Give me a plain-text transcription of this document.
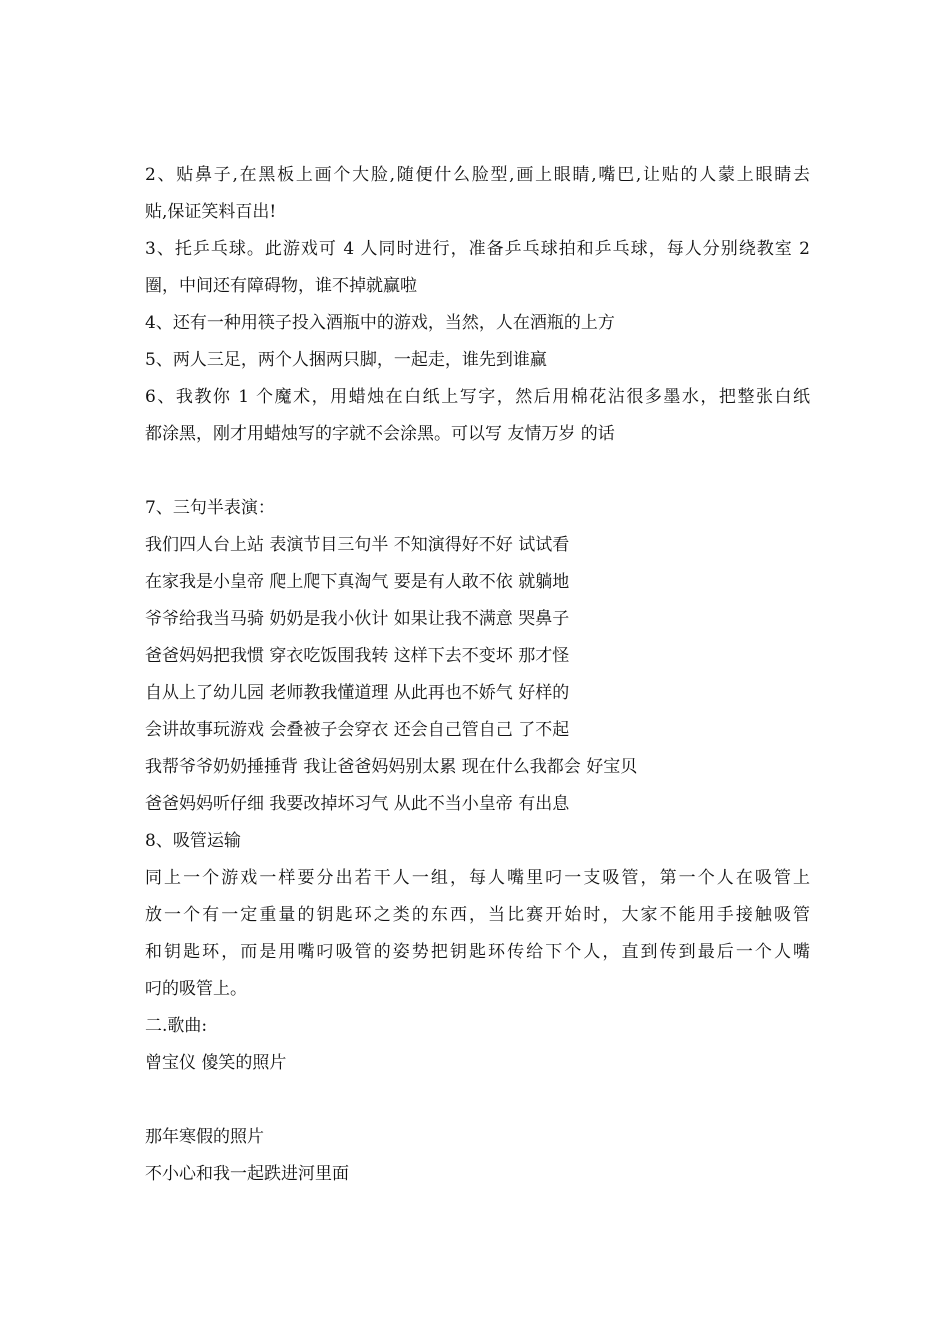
2、贴鼻子,在黑板上画个大脸,随便什么脸型,画上眼睛,嘴巴,让贴的人蒙上眼睛去
贴,保证笑料百出!
3、托乒乓球。此游戏可 4 人同时进行，准备乒乓球拍和乒乓球，每人分别绕教室 2
圈，中间还有障碍物，谁不掉就赢啦
4、还有一种用筷子投入酒瓶中的游戏，当然，人在酒瓶的上方
5、两人三足，两个人捆两只脚，一起走，谁先到谁赢
6、我教你 1 个魔术，用蜡烛在白纸上写字，然后用棉花沾很多墨水，把整张白纸
都涂黑，刚才用蜡烛写的字就不会涂黑。可以写 友情万岁 的话
7、三句半表演：
我们四人台上站 表演节目三句半 不知演得好不好 试试看
在家我是小皇帝 爬上爬下真淘气 要是有人敢不依 就躺地
爷爷给我当马骑 奶奶是我小伙计 如果让我不满意 哭鼻子
爸爸妈妈把我惯 穿衣吃饭围我转 这样下去不变坏 那才怪
自从上了幼儿园 老师教我懂道理 从此再也不娇气 好样的
会讲故事玩游戏 会叠被子会穿衣 还会自己管自己 了不起
我帮爷爷奶奶捶捶背 我让爸爸妈妈别太累 现在什么我都会 好宝贝
爸爸妈妈听仔细 我要改掉坏习气 从此不当小皇帝 有出息
8、吸管运输
同上一个游戏一样要分出若干人一组，每人嘴里叼一支吸管，第一个人在吸管上
放一个有一定重量的钥匙环之类的东西，当比赛开始时，大家不能用手接触吸管
和钥匙环，而是用嘴叼吸管的姿势把钥匙环传给下个人，直到传到最后一个人嘴
叼的吸管上。
二.歌曲:
曾宝仪 傻笑的照片
那年寒假的照片
不小心和我一起跌进河里面
